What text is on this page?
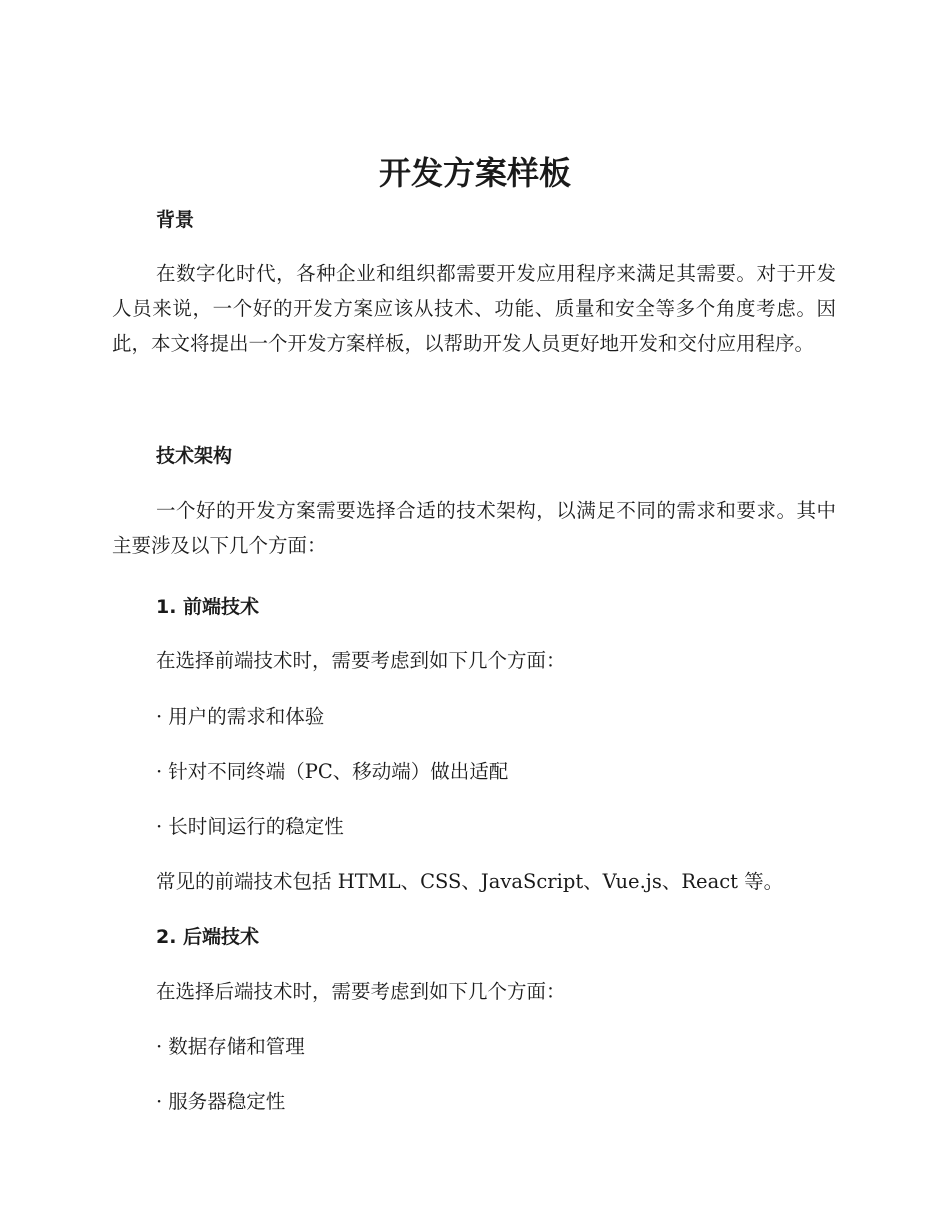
开发方案样板
背景

在数字化时代，各种企业和组织都需要开发应用程序来满足其需要。对于开发人员来说，一个好的开发方案应该从技术、功能、质量和安全等多个角度考虑。因此，本文将提出一个开发方案样板，以帮助开发人员更好地开发和交付应用程序。

技术架构

一个好的开发方案需要选择合适的技术架构，以满足不同的需求和要求。其中主要涉及以下几个方面：

1. 前端技术
在选择前端技术时，需要考虑到如下几个方面：
· 用户的需求和体验
· 针对不同终端（PC、移动端）做出适配
· 长时间运行的稳定性
常见的前端技术包括 HTML、CSS、JavaScript、Vue.js、React 等。
2. 后端技术
在选择后端技术时，需要考虑到如下几个方面：
· 数据存储和管理
· 服务器稳定性
